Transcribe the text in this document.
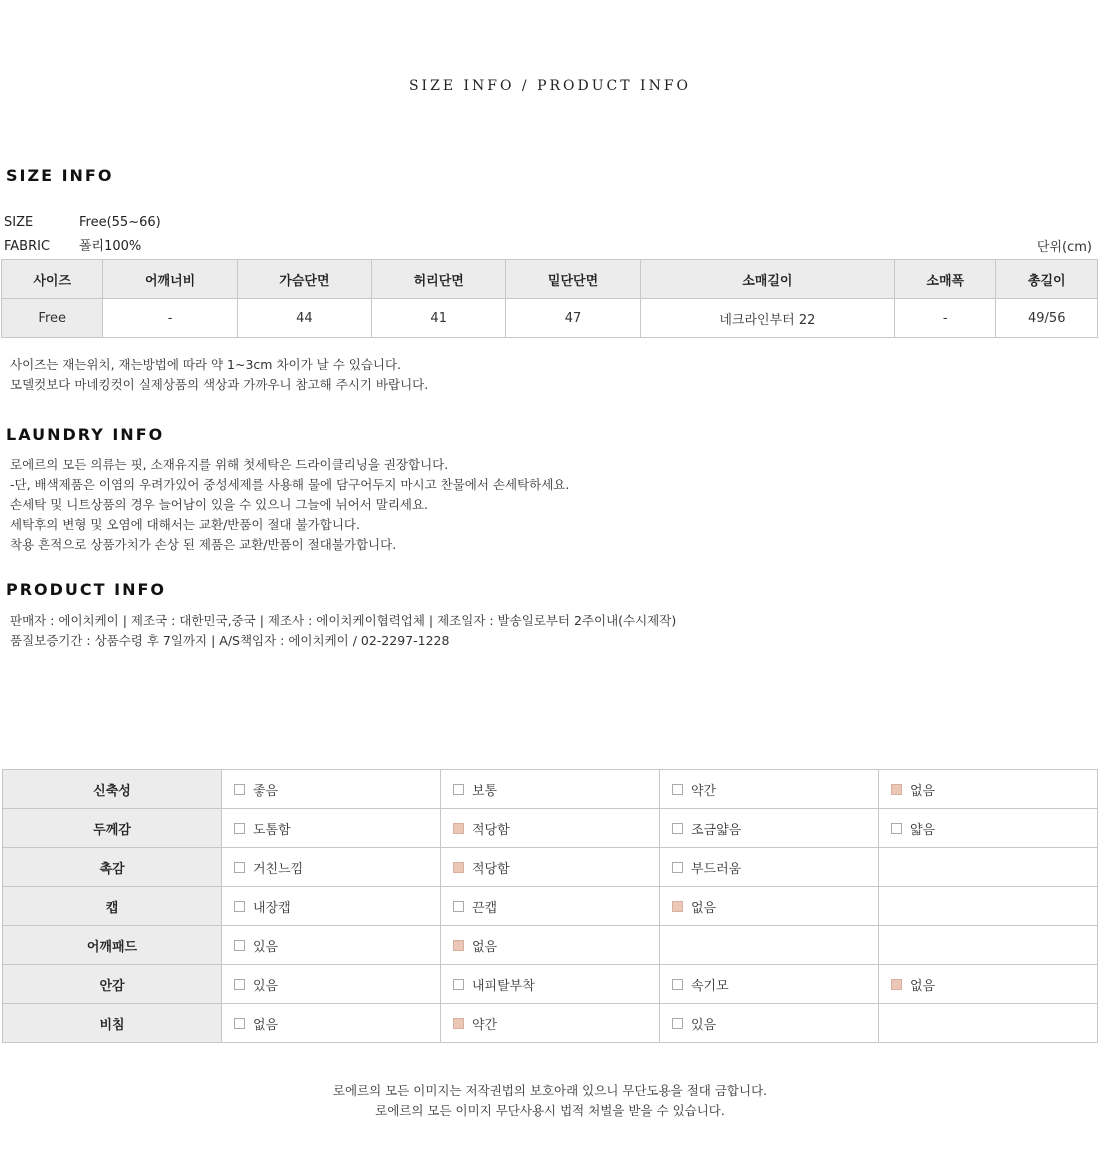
SIZE INFO / PRODUCT INFO
SIZE INFO
SIZE	Free(55~66)
FABRIC 폴리100%	단위(cm)
사이즈	어깨너비	가슴단면	허리단면	밑단단면	소매길이	소매폭	총길이
Free	-	44	41	47	네크라인부터 22	-	49/56
사이즈는 재는위치, 재는방법에 따라 약 1~3cm 차이가 날 수 있습니다.
모델컷보다 마네킹컷이 실제상품의 색상과 가까우니 참고해 주시기 바랍니다.
LAUNDRY INFO
로에르의 모든 의류는 핏, 소재유지를 위해 첫세탁은 드라이클리닝을 권장합니다.
-단, 배색제품은 이염의 우려가있어 중성세제를 사용해 물에 담구어두지 마시고 찬물에서 손세탁하세요.
손세탁 및 니트상품의 경우 늘어남이 있을 수 있으니 그늘에 뉘어서 말리세요.
세탁후의 변형 및 오염에 대해서는 교환/반품이 절대 불가합니다.
착용 흔적으로 상품가치가 손상 된 제품은 교환/반품이 절대불가합니다.
PRODUCT INFO
판매자 : 에이치케이 | 제조국 : 대한민국,중국 | 제조사 : 에이치케이협력업체 | 제조일자 : 발송일로부터 2주이내(수시제작)
품질보증기간 : 상품수령 후 7일까지 | A/S책임자 : 에이치케이 / 02-2297-1228
신축성	좋음	보통	약간	없음

두께감	도톰함	적당함	조금얇음	얇음

촉감	거친느낌	적당함	부드러움	

캡	내장캡	끈캡	없음	

어깨패드	있음	없음		

안감	있음	내피탈부착	속기모	없음

비침	없음	약간	있음	

로에르의 모든 이미지는 저작권법의 보호아래 있으니 무단도용을 절대 금합니다.
로에르의 모든 이미지 무단사용시 법적 처벌을 받을 수 있습니다.
